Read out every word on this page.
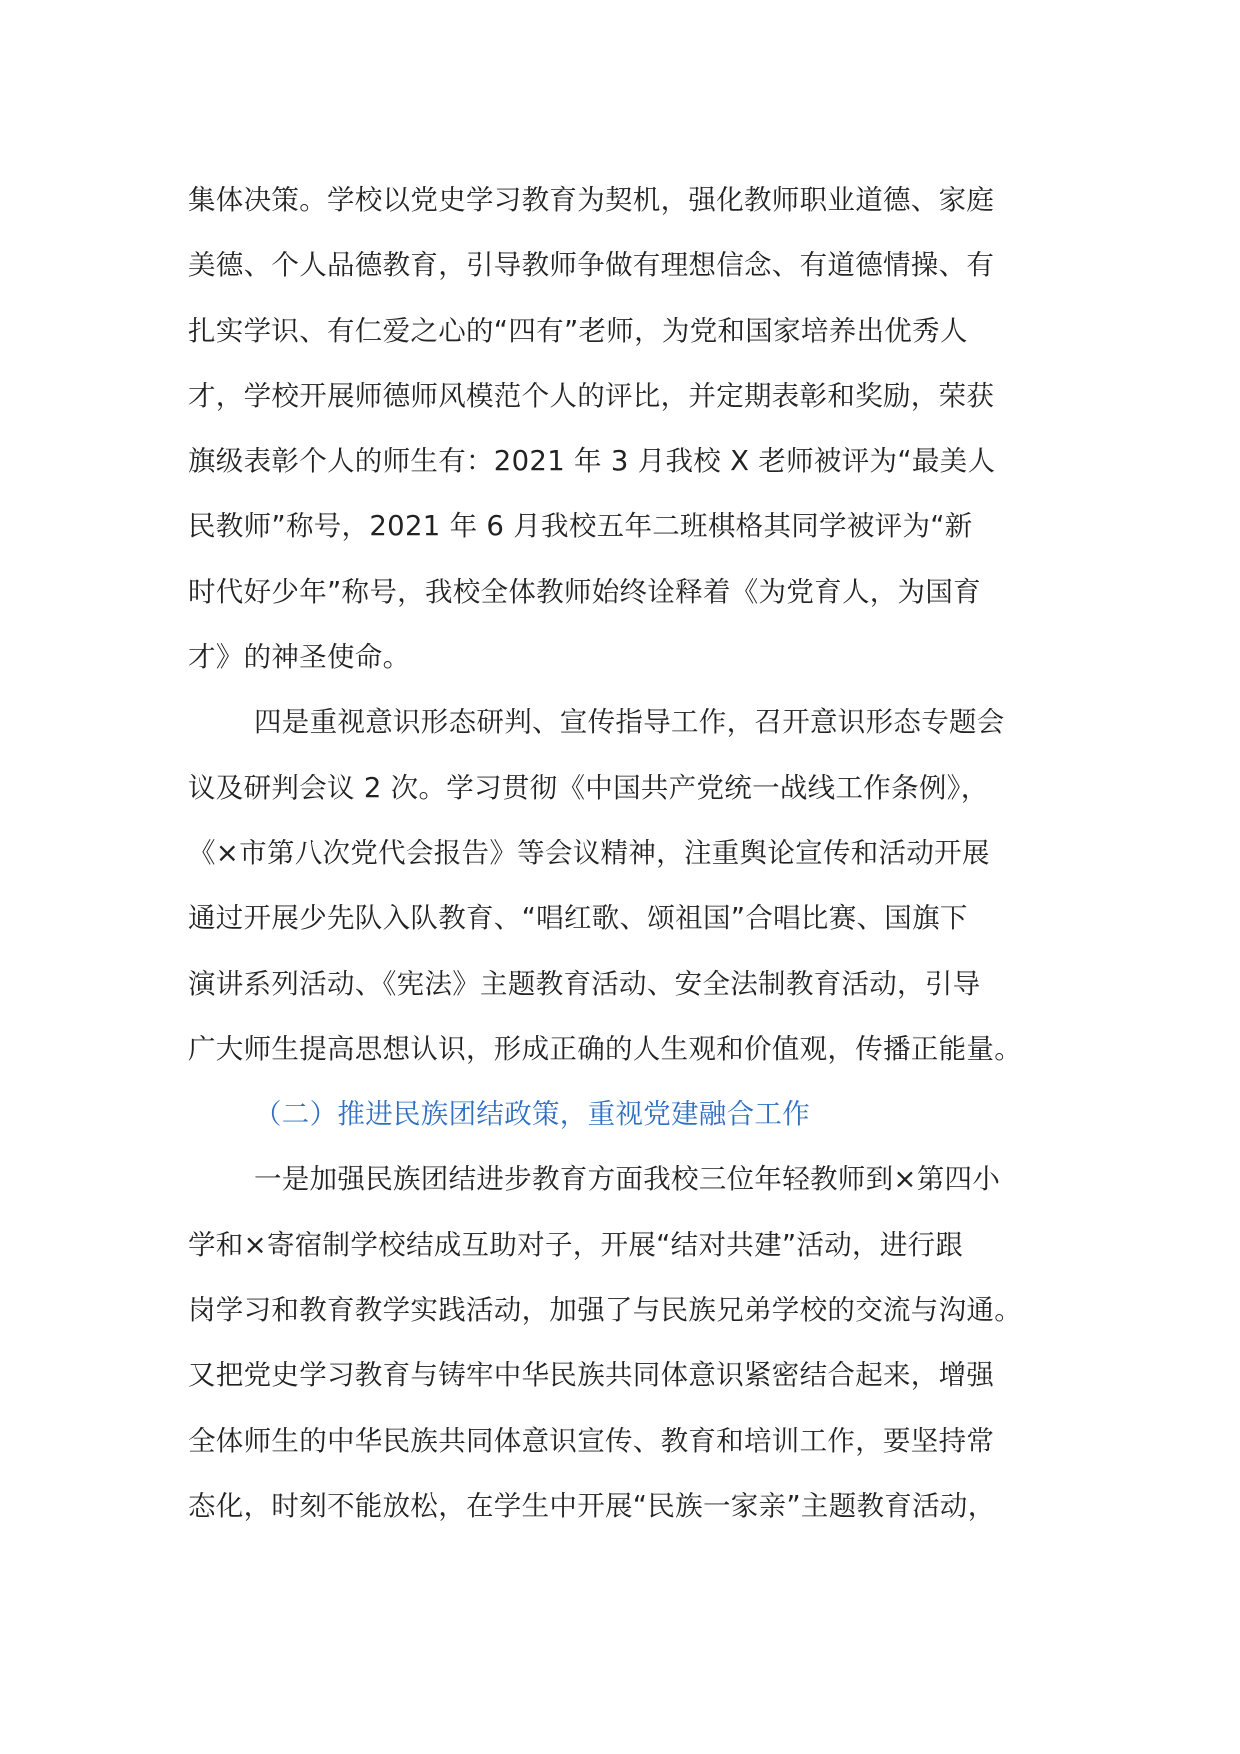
集体决策。学校以党史学习教育为契机，强化教师职业道德、家庭
美德、个人品德教育，引导教师争做有理想信念、有道德情操、有
扎实学识、有仁爱之心的“四有”老师，为党和国家培养出优秀人
才，学校开展师德师风模范个人的评比，并定期表彰和奖励，荣获
旗级表彰个人的师生有：2021 年 3 月我校 X 老师被评为“最美人
民教师”称号，2021 年 6 月我校五年二班棋格其同学被评为“新
时代好少年”称号，我校全体教师始终诠释着《为党育人，为国育
才》的神圣使命。
四是重视意识形态研判、宣传指导工作，召开意识形态专题会
议及研判会议 2 次。学习贯彻《中国共产党统一战线工作条例》，
《×市第八次党代会报告》等会议精神，注重舆论宣传和活动开展
通过开展少先队入队教育、“唱红歌、颂祖国”合唱比赛、国旗下
演讲系列活动、《宪法》主题教育活动、安全法制教育活动，引导
广大师生提高思想认识，形成正确的人生观和价值观，传播正能量。
（二）推进民族团结政策，重视党建融合工作
一是加强民族团结进步教育方面我校三位年轻教师到×第四小
学和×寄宿制学校结成互助对子，开展“结对共建”活动，进行跟
岗学习和教育教学实践活动，加强了与民族兄弟学校的交流与沟通。
又把党史学习教育与铸牢中华民族共同体意识紧密结合起来，增强
全体师生的中华民族共同体意识宣传、教育和培训工作，要坚持常
态化，时刻不能放松，在学生中开展“民族一家亲”主题教育活动，
